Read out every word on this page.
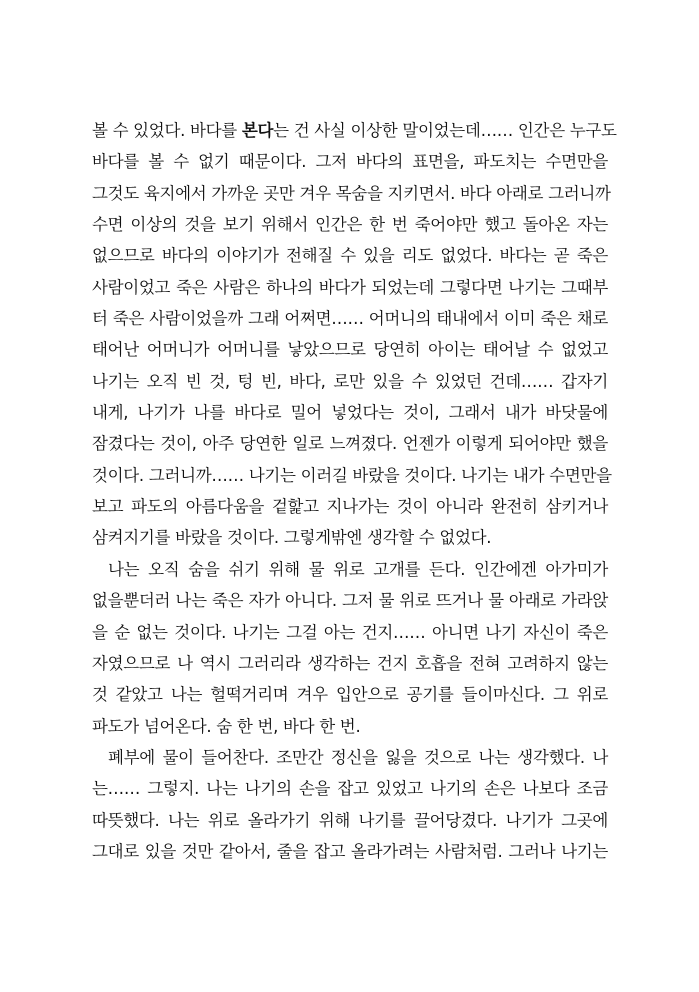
볼 수 있었다. 바다를 본다는 건 사실 이상한 말이었는데…… 인간은 누구도
바다를 볼 수 없기 때문이다. 그저 바다의 표면을, 파도치는 수면만을
그것도 육지에서 가까운 곳만 겨우 목숨을 지키면서. 바다 아래로 그러니까
수면 이상의 것을 보기 위해서 인간은 한 번 죽어야만 했고 돌아온 자는
없으므로 바다의 이야기가 전해질 수 있을 리도 없었다. 바다는 곧 죽은
사람이었고 죽은 사람은 하나의 바다가 되었는데 그렇다면 나기는 그때부
터 죽은 사람이었을까 그래 어쩌면…… 어머니의 태내에서 이미 죽은 채로
태어난 어머니가 어머니를 낳았으므로 당연히 아이는 태어날 수 없었고
나기는 오직 빈 것, 텅 빈, 바다, 로만 있을 수 있었던 건데…… 갑자기
내게, 나기가 나를 바다로 밀어 넣었다는 것이, 그래서 내가 바닷물에
잠겼다는 것이, 아주 당연한 일로 느껴졌다. 언젠가 이렇게 되어야만 했을
것이다. 그러니까…… 나기는 이러길 바랐을 것이다. 나기는 내가 수면만을
보고 파도의 아름다움을 겉핥고 지나가는 것이 아니라 완전히 삼키거나
삼켜지기를 바랐을 것이다. 그렇게밖엔 생각할 수 없었다.
나는 오직 숨을 쉬기 위해 물 위로 고개를 든다. 인간에겐 아가미가
없을뿐더러 나는 죽은 자가 아니다. 그저 물 위로 뜨거나 물 아래로 가라앉
을 순 없는 것이다. 나기는 그걸 아는 건지…… 아니면 나기 자신이 죽은
자였으므로 나 역시 그러리라 생각하는 건지 호흡을 전혀 고려하지 않는
것 같았고 나는 헐떡거리며 겨우 입안으로 공기를 들이마신다. 그 위로
파도가 넘어온다. 숨 한 번, 바다 한 번.
폐부에 물이 들어찬다. 조만간 정신을 잃을 것으로 나는 생각했다. 나
는…… 그렇지. 나는 나기의 손을 잡고 있었고 나기의 손은 나보다 조금
따뜻했다. 나는 위로 올라가기 위해 나기를 끌어당겼다. 나기가 그곳에
그대로 있을 것만 같아서, 줄을 잡고 올라가려는 사람처럼. 그러나 나기는
